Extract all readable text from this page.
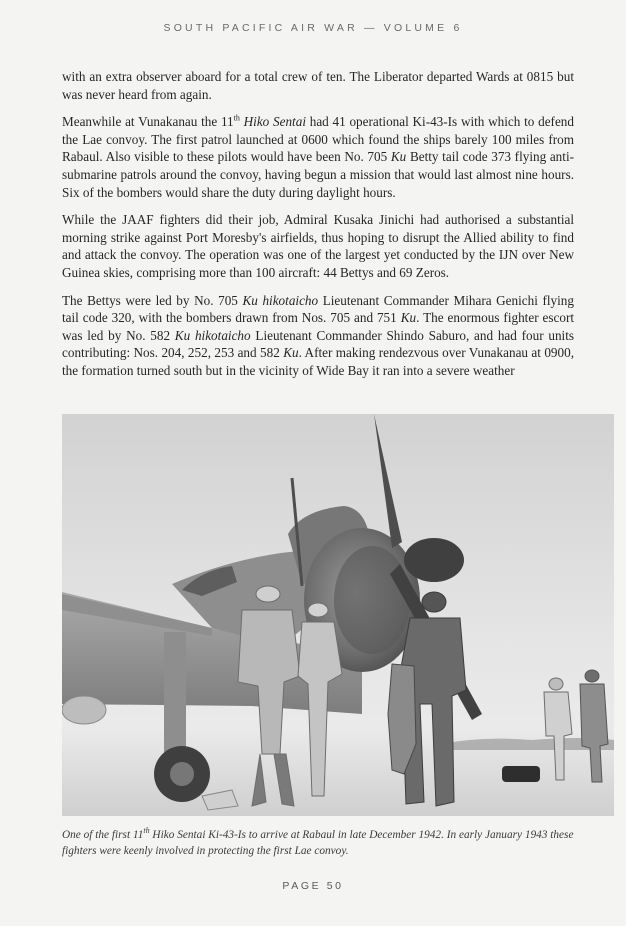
SOUTH PACIFIC AIR WAR — VOLUME 6

with an extra observer aboard for a total crew of ten. The Liberator departed Wards at 0815 but was never heard from again.

Meanwhile at Vunakanau the 11th Hiko Sentai had 41 operational Ki-43-Is with which to defend the Lae convoy. The first patrol launched at 0600 which found the ships barely 100 miles from Rabaul. Also visible to these pilots would have been No. 705 Ku Betty tail code 373 flying anti-submarine patrols around the convoy, having begun a mission that would last almost nine hours. Six of the bombers would share the duty during daylight hours.

While the JAAF fighters did their job, Admiral Kusaka Jinichi had authorised a substantial morning strike against Port Moresby's airfields, thus hoping to disrupt the Allied ability to find and attack the convoy. The operation was one of the largest yet conducted by the IJN over New Guinea skies, comprising more than 100 aircraft: 44 Bettys and 69 Zeros.

The Bettys were led by No. 705 Ku hikotaicho Lieutenant Commander Mihara Genichi flying tail code 320, with the bombers drawn from Nos. 705 and 751 Ku. The enormous fighter escort was led by No. 582 Ku hikotaicho Lieutenant Commander Shindo Saburo, and had four units contributing: Nos. 204, 252, 253 and 582 Ku. After making rendezvous over Vunakanau at 0900, the formation turned south but in the vicinity of Wide Bay it ran into a severe weather

One of the first 11th Hiko Sentai Ki-43-Is to arrive at Rabaul in late December 1942. In early January 1943 these fighters were keenly involved in protecting the first Lae convoy.
PAGE 50
